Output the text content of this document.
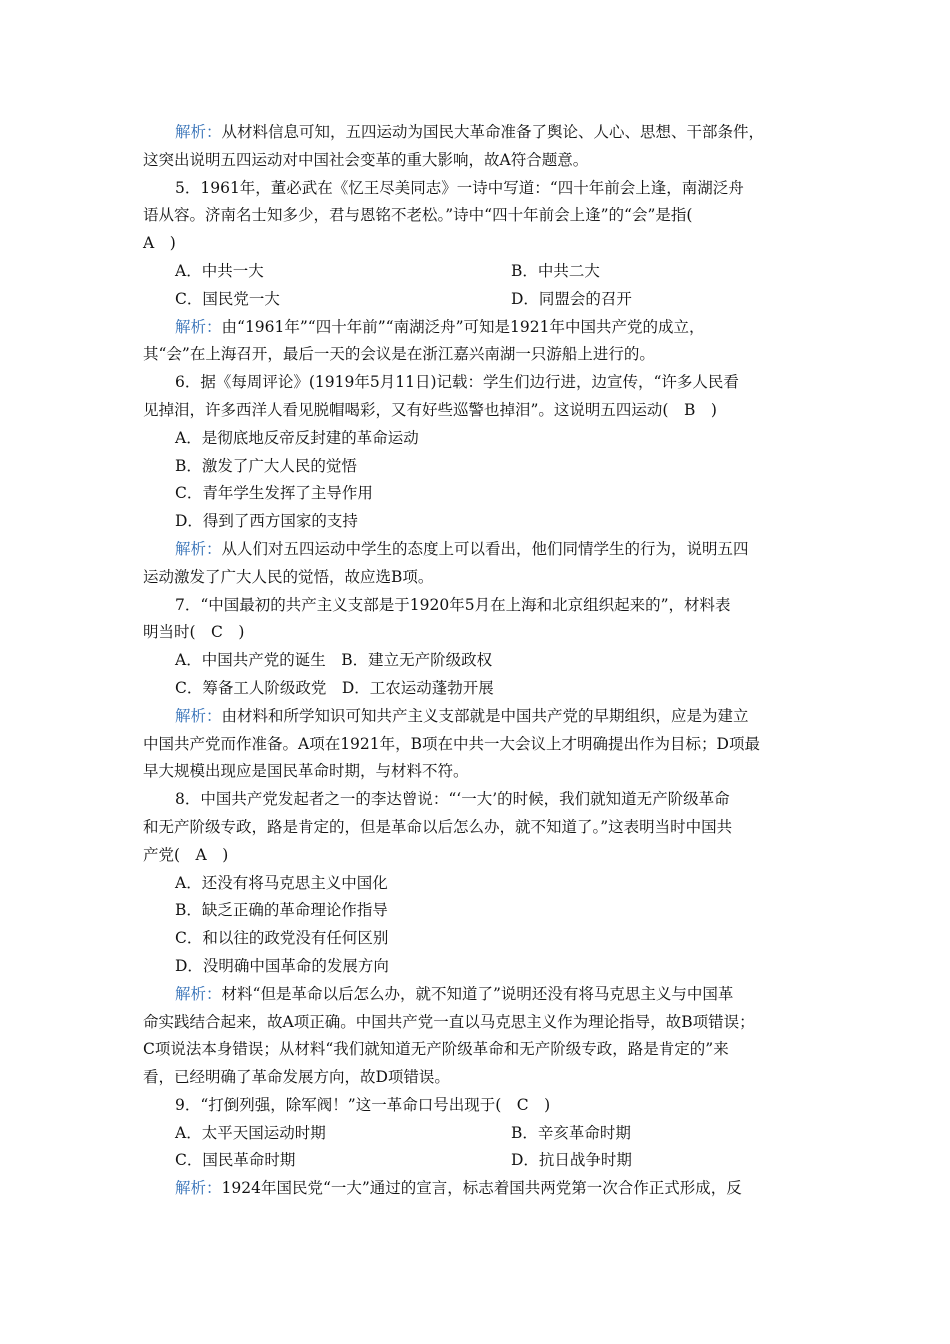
解析：从材料信息可知，五四运动为国民大革命准备了舆论、人心、思想、干部条件，
这突出说明五四运动对中国社会变革的重大影响，故A符合题意。
5．1961年，董必武在《忆王尽美同志》一诗中写道：“四十年前会上逢，南湖泛舟
语从容。济南名士知多少，君与恩铭不老松。”诗中“四十年前会上逢”的“会”是指(
A　)
A．中共一大	B．中共二大
C．国民党一大	D．同盟会的召开
解析：由“1961年”“四十年前”“南湖泛舟”可知是1921年中国共产党的成立，
其“会”在上海召开，最后一天的会议是在浙江嘉兴南湖一只游船上进行的。
6．据《每周评论》(1919年5月11日)记载：学生们边行进，边宣传，“许多人民看
见掉泪，许多西洋人看见脱帽喝彩，又有好些巡警也掉泪”。这说明五四运动(　B　)
A．是彻底地反帝反封建的革命运动
B．激发了广大人民的觉悟
C．青年学生发挥了主导作用
D．得到了西方国家的支持
解析：从人们对五四运动中学生的态度上可以看出，他们同情学生的行为，说明五四
运动激发了广大人民的觉悟，故应选B项。
7．“中国最初的共产主义支部是于1920年5月在上海和北京组织起来的”，材料表
明当时(　C　)
A．中国共产党的诞生　B．建立无产阶级政权
C．筹备工人阶级政党　D．工农运动蓬勃开展
解析：由材料和所学知识可知共产主义支部就是中国共产党的早期组织，应是为建立
中国共产党而作准备。A项在1921年，B项在中共一大会议上才明确提出作为目标；D项最
早大规模出现应是国民革命时期，与材料不符。
8．中国共产党发起者之一的李达曾说：“‘一大’的时候，我们就知道无产阶级革命
和无产阶级专政，路是肯定的，但是革命以后怎么办，就不知道了。”这表明当时中国共
产党(　A　)
A．还没有将马克思主义中国化
B．缺乏正确的革命理论作指导
C．和以往的政党没有任何区别
D．没明确中国革命的发展方向
解析：材料“但是革命以后怎么办，就不知道了”说明还没有将马克思主义与中国革
命实践结合起来，故A项正确。中国共产党一直以马克思主义作为理论指导，故B项错误；
C项说法本身错误；从材料“我们就知道无产阶级革命和无产阶级专政，路是肯定的”来
看，已经明确了革命发展方向，故D项错误。
9．“打倒列强，除军阀！”这一革命口号出现于(　C　)
A．太平天国运动时期	B．辛亥革命时期
C．国民革命时期	D．抗日战争时期
解析：1924年国民党“一大”通过的宣言，标志着国共两党第一次合作正式形成，反
